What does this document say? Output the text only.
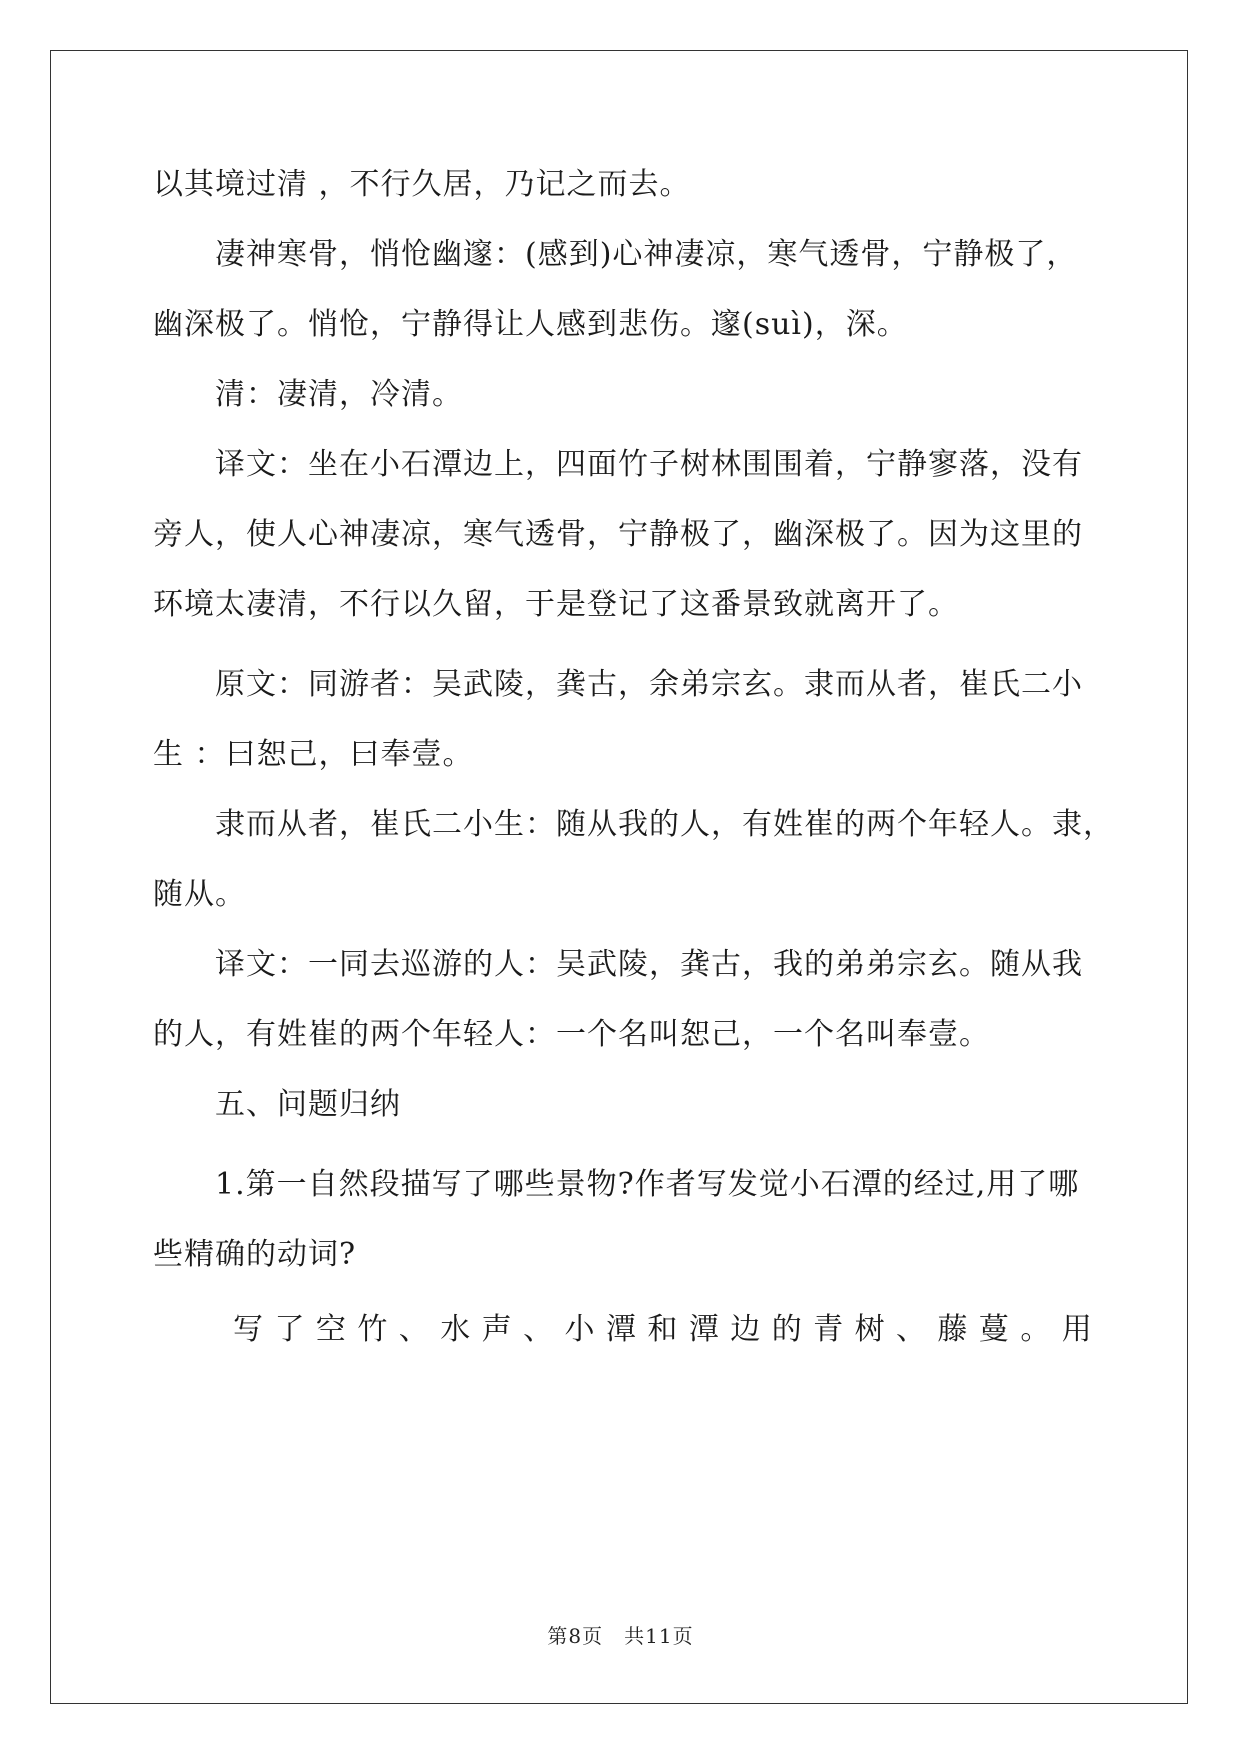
以其境过清 ，不行久居，乃记之而去。
凄神寒骨，悄怆幽邃：(感到)心神凄凉，寒气透骨，宁静极了，
幽深极了。悄怆，宁静得让人感到悲伤。邃(suì)，深。
清：凄清，冷清。
译文：坐在小石潭边上，四面竹子树林围围着，宁静寥落，没有
旁人，使人心神凄凉，寒气透骨，宁静极了，幽深极了。因为这里的
环境太凄清，不行以久留，于是登记了这番景致就离开了。
原文：同游者：吴武陵，龚古，余弟宗玄。隶而从者，崔氏二小
生 ：曰恕己，曰奉壹。
隶而从者，崔氏二小生：随从我的人，有姓崔的两个年轻人。隶，
随从。
译文：一同去巡游的人：吴武陵，龚古，我的弟弟宗玄。随从我
的人，有姓崔的两个年轻人：一个名叫恕己，一个名叫奉壹。
五、问题归纳
1.第一自然段描写了哪些景物?作者写发觉小石潭的经过,用了哪
些精确的动词?
写 了 空 竹 、 水 声 、 小 潭 和 潭 边 的 青 树 、 藤 蔓 。 用
第8页　共11页
